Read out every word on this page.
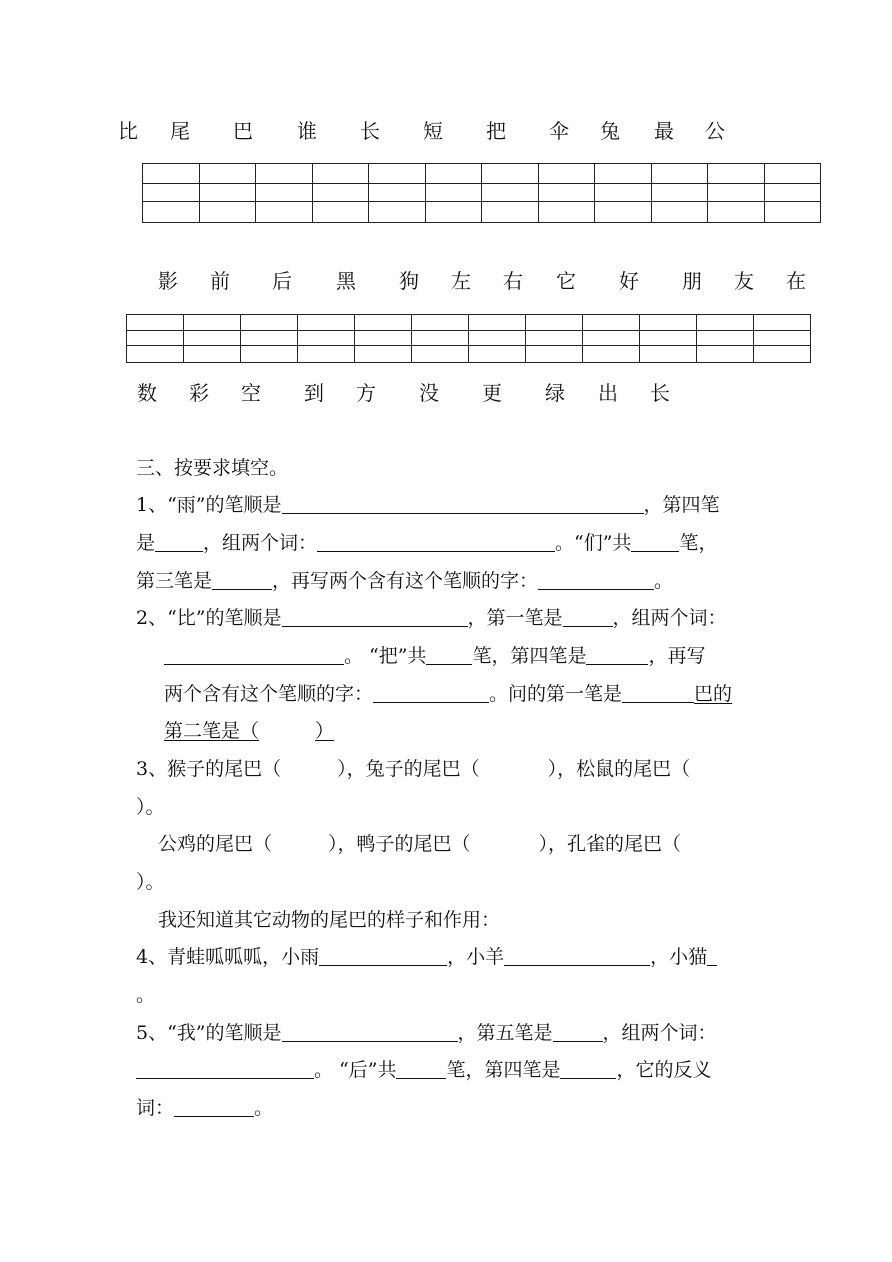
比 尾 巴 谁 长 短 把 伞 兔 最 公

影 前 后 黑 狗 左 右 它 好 朋 友 在

数 彩 空 到 方 没 更 绿 出 长
三、按要求填空。
1、“雨”的笔顺是	，第四笔
是	，组两个词：	。“们”共	笔，
第三笔是	，再写两个含有这个笔顺的字：	。
2、“比”的笔顺是	，第一笔是	，组两个词：
。 “把”共 笔，第四笔是	，再写
两个含有这个笔顺的字：	。问的第一笔是	巴的
第二笔是（	）
3、猴子的尾巴（	），兔子的尾巴（	），松鼠的尾巴（
）。
公鸡的尾巴（	），鸭子的尾巴（	），孔雀的尾巴（
）。
我还知道其它动物的尾巴的样子和作用：
4、青蛙呱呱呱，小雨	，小羊	，小猫
。
5、“我”的笔顺是	，第五笔是	，组两个词：
。 “后”共	笔，第四笔是	，它的反义
词：	。
